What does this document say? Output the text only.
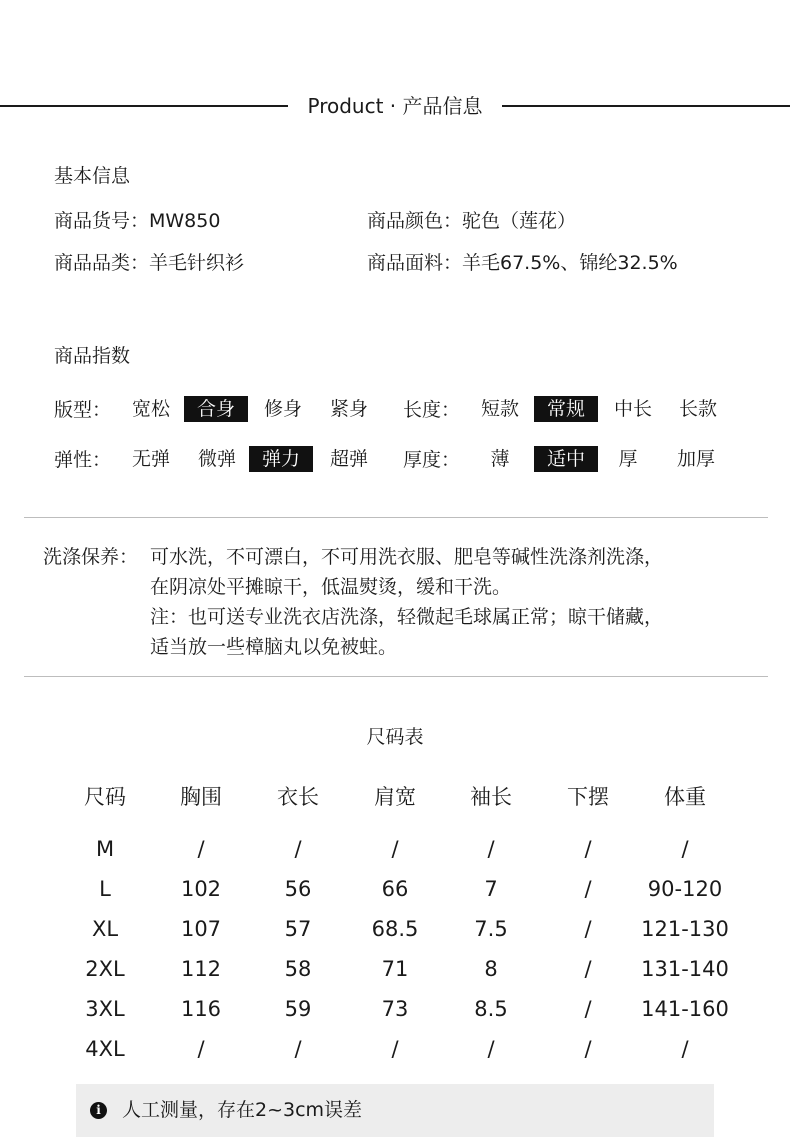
Product · 产品信息
基本信息
商品货号：MW850	商品颜色：驼色（莲花）
商品品类：羊毛针织衫	商品面料：羊毛67.5%、锦纶32.5%
商品指数
版型：	宽松	合身	修身	紧身	长度：	短款	常规	中长	长款
弹性：	无弹	微弹	弹力	超弹	厚度：	薄	适中	厚	加厚
洗涤保养： 可水洗，不可漂白，不可用洗衣服、肥皂等碱性洗涤剂洗涤，
在阴凉处平摊晾干，低温熨烫，缓和干洗。
注：也可送专业洗衣店洗涤，轻微起毛球属正常；晾干储藏，
适当放一些樟脑丸以免被蛀。
尺码表
尺码	胸围	衣长	肩宽	袖长	下摆	体重
M	/	/	/	/	/	/
L	102	56	66	7	/	90-120
XL	107	57	68.5	7.5	/	121-130
2XL	112	58	71	8	/	131-140
3XL	116	59	73	8.5	/	141-160
4XL	/	/	/	/	/	/
i	人工测量，存在2~3cm误差
